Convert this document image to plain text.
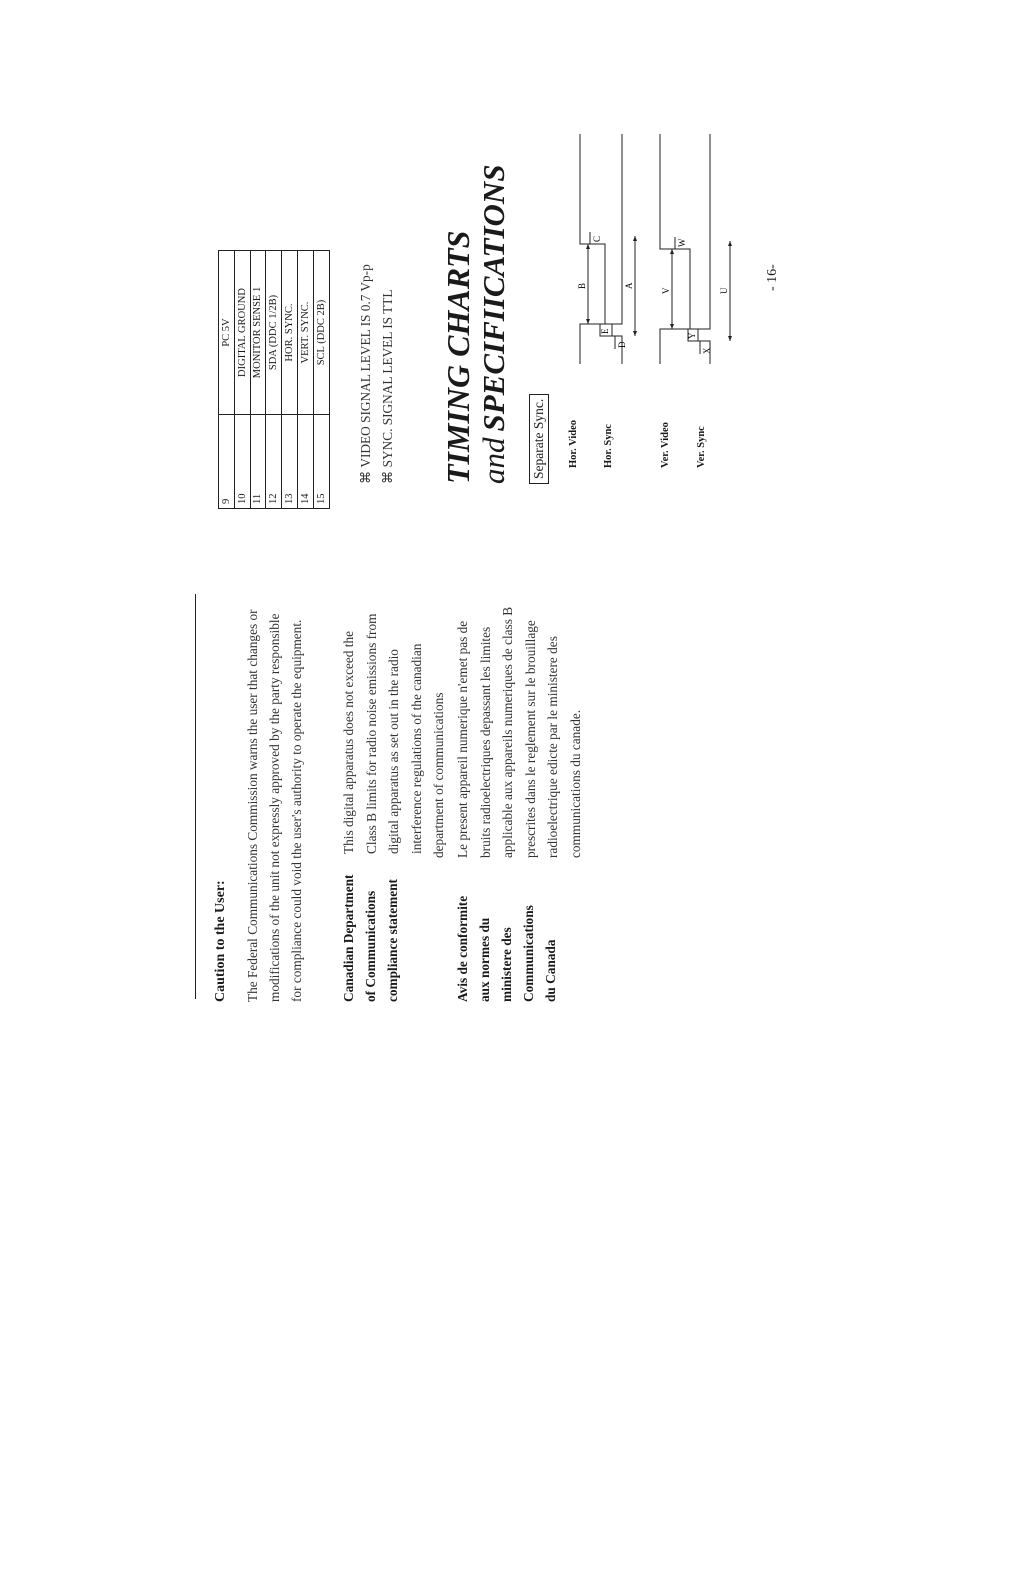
Caution to the User: The Federal Communications Commission warns the user that changes or modifications of the unit not expressly approved by the party responsible for compliance could void the user's authority to operate the equipment.	Canadian Department of Communications compliance statement
This digital apparatus does not exceed the Class B limits for radio noise emissions from digital apparatus as set out in the radio interference regulations of the canadian department of communications
Avis de conformite aux normes du ministere des Communications du Canada
Le present appareil numerique n'emet pas de bruits radioelectriques depassant les limites applicable aux appareils numeriques de class B prescrites dans le reglement sur le brouillage radioelectrique edicte par le ministere des communications du canade.
9	PC 5V
10	DIGITAL GROUND
11	MONITOR SENSE 1
12	SDA (DDC 1/2B)
13	HOR. SYNC.
14	VERT. SYNC.
15	SCL (DDC 2B) ⌘ VIDEO SIGNAL LEVEL IS 0.7 Vp-p ⌘ SYNC. SIGNAL LEVEL IS TTL TIMING CHARTS andSPECIFIICATIONS
Separate Sync. Hor. Video Hor. Sync	Ver. Video Ver. Sync
B	A
V	U
E
D
C
Y
X
W
- 16-
